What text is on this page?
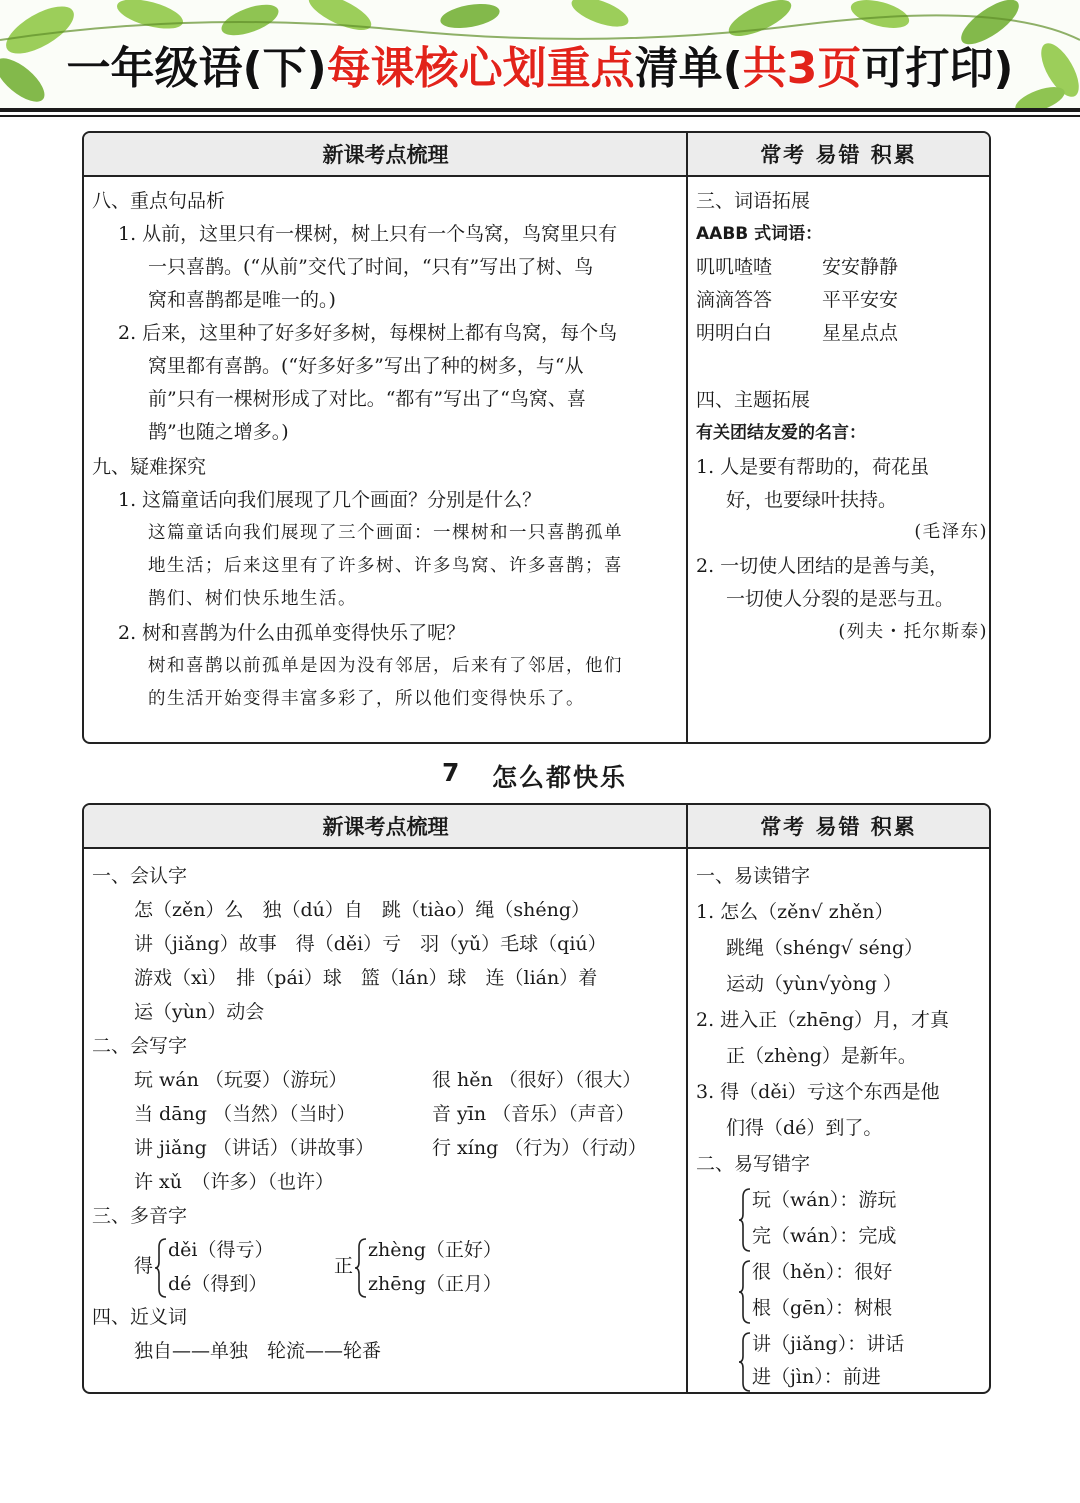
一年级语(下)每课核心划重点清单(共3页可打印)
新课考点梳理	常考 易错 积累
八、重点句品析
1. 从前，这里只有一棵树，树上只有一个鸟窝，鸟窝里只有
一只喜鹊。(“从前”交代了时间，“只有”写出了树、鸟
窝和喜鹊都是唯一的。)
2. 后来，这里种了好多好多树，每棵树上都有鸟窝，每个鸟
窝里都有喜鹊。(“好多好多”写出了种的树多，与“从
前”只有一棵树形成了对比。“都有”写出了“鸟窝、喜
鹊”也随之增多。)
九、疑难探究
1. 这篇童话向我们展现了几个画面？分别是什么？
这篇童话向我们展现了三个画面：一棵树和一只喜鹊孤单
地生活；后来这里有了许多树、许多鸟窝、许多喜鹊；喜
鹊们、树们快乐地生活。
2. 树和喜鹊为什么由孤单变得快乐了呢？
树和喜鹊以前孤单是因为没有邻居，后来有了邻居，他们
的生活开始变得丰富多彩了，所以他们变得快乐了。
三、词语拓展
AABB 式词语：
叽叽喳喳	安安静静
滴滴答答	平平安安
明明白白	星星点点
四、主题拓展
有关团结友爱的名言：
1. 人是要有帮助的，荷花虽
好，也要绿叶扶持。
(毛泽东)
2. 一切使人团结的是善与美，
一切使人分裂的是恶与丑。
(列夫・托尔斯泰)
7 怎么都快乐
新课考点梳理	常考 易错 积累
一、会认字
怎（zěn）么　独（dú）自　跳（tiào）绳（shéng）
讲（jiǎng）故事　得（děi）亏　羽（yǔ）毛球（qiú）
游戏（xì）　排（pái）球　篮（lán）球　连（lián）着
运（yùn）动会
二、会写字
玩 wán （玩耍）（游玩）	很 hěn （很好）（很大）
当 dāng （当然）（当时）	音 yīn （音乐）（声音）
讲 jiǎng （讲话）（讲故事）	行 xíng （行为）（行动）
许 xǔ　（许多）（也许）
三、多音字
得
děi（得亏）
dé（得到）
正
zhèng（正好）
zhēng（正月）
四、近义词
独自——单独　轮流——轮番
一、易读错字
1. 怎么（zěn√ zhěn）
跳绳（shéng√ séng）
运动（yùn√yòng ）
2. 进入正（zhēng）月，才真
正（zhèng）是新年。
3. 得（děi）亏这个东西是他
们得（dé）到了。
二、易写错字
玩（wán）：游玩
完（wán）：完成
很（hěn）：很好
根（gēn）：树根
讲（jiǎng）：讲话
进（jìn）：前进
